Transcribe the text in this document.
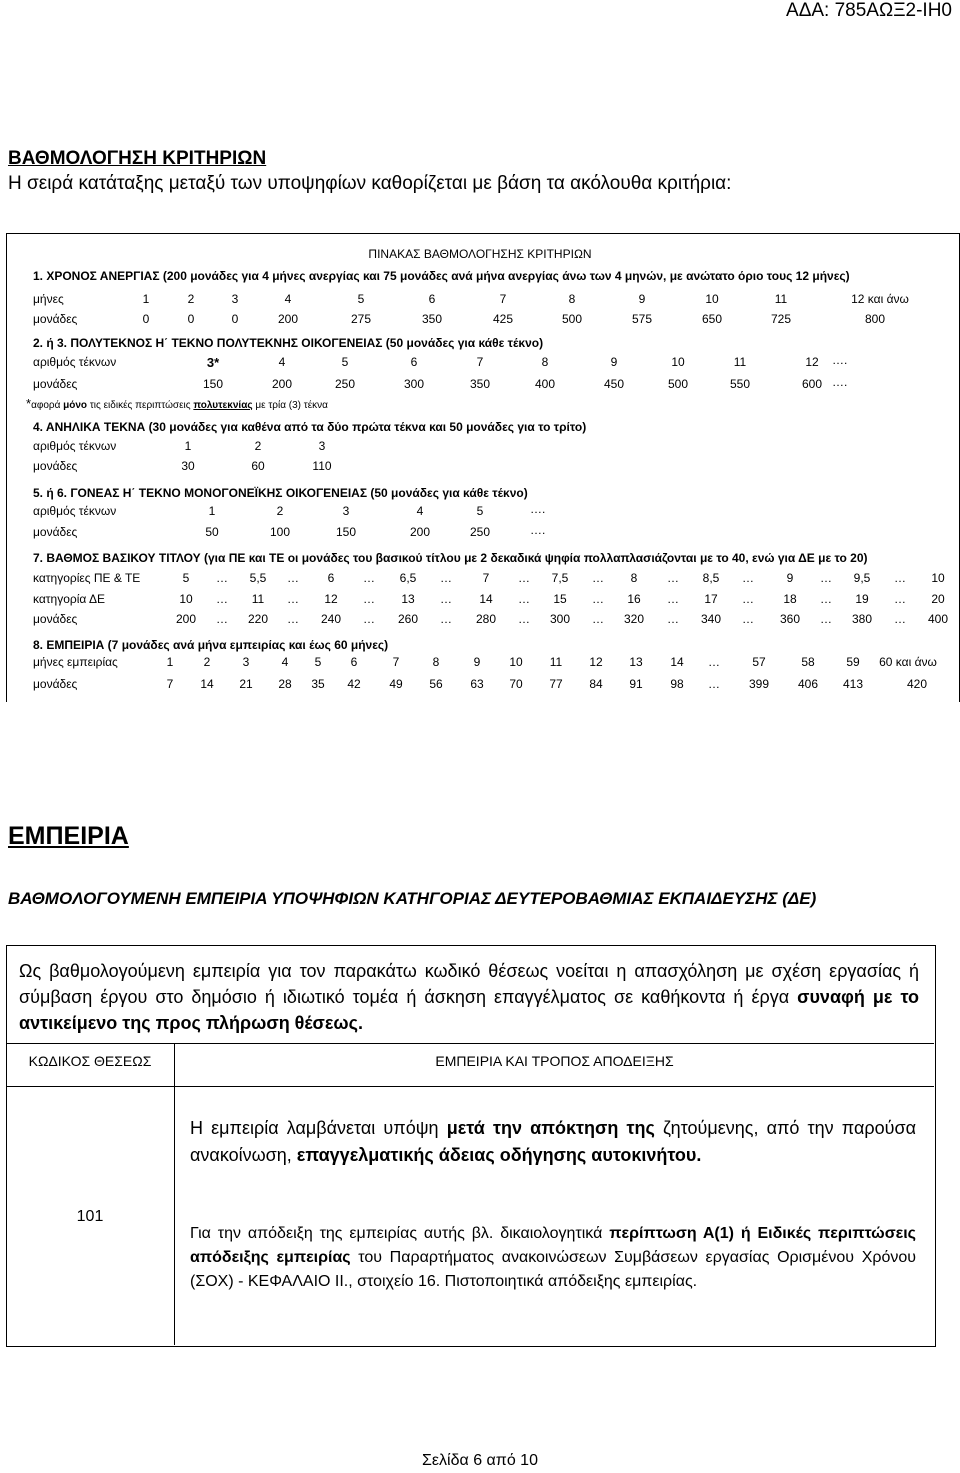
ΑΔΑ: 785ΑΩΞ2-ΙΗ0
ΒΑΘΜΟΛΟΓΗΣΗ ΚΡΙΤΗΡΙΩΝ
Η σειρά κατάταξης μεταξύ των υποψηφίων καθορίζεται με βάση τα ακόλουθα κριτήρια:
ΠΙΝΑΚΑΣ ΒΑΘΜΟΛΟΓΗΣΗΣ ΚΡΙΤΗΡΙΩΝ
1. ΧΡΟΝΟΣ ΑΝΕΡΓΙΑΣ (200 μονάδες για 4 μήνες ανεργίας και 75 μονάδες ανά μήνα ανεργίας άνω των 4 μηνών, με ανώτατο όριο τους 12 μήνες)
μήνες	1	2	3	4	5	6	7	8	9	10	11	12 και άνω
μονάδες	0	0	0	200	275	350	425	500	575	650	725	800
2. ή 3. ΠΟΛΥΤΕΚΝΟΣ Η΄ ΤΕΚΝΟ ΠΟΛΥΤΕΚΝΗΣ ΟΙΚΟΓΕΝΕΙΑΣ (50 μονάδες για κάθε τέκνο)
αριθμός τέκνων	3*	4	5	6	7	8	9	10	11	12	….
μονάδες	150	200	250	300	350	400	450	500	550	600 ….
*αφορά μόνο τις ειδικές περιπτώσεις πολυτεκνίας με τρία (3) τέκνα
4. ΑΝΗΛΙΚΑ ΤΕΚΝΑ (30 μονάδες για καθένα από τα δύο πρώτα τέκνα και 50 μονάδες για το τρίτο)
αριθμός τέκνων	1	2	3
μονάδες	30	60	110
5. ή 6. ΓΟΝΕΑΣ Η΄ ΤΕΚΝΟ ΜΟΝΟΓΟΝΕΪΚΗΣ ΟΙΚΟΓΕΝΕΙΑΣ (50 μονάδες για κάθε τέκνο)
αριθμός τέκνων	1	2	3	4	5	….
μονάδες	50	100	150	200	250	….
7. ΒΑΘΜΟΣ ΒΑΣΙΚΟΥ ΤΙΤΛΟΥ (για ΠΕ και ΤΕ οι μονάδες του βασικού τίτλου με 2 δεκαδικά ψηφία πολλαπλασιάζονται με το 40, ενώ για ΔΕ με το 20)
κατηγορίες ΠΕ & ΤΕ	5	…	5,5	…	6	…	6,5	…	7	…	7,5	…	8	…	8,5	…	9	…	9,5	…	10
κατηγορία ΔΕ	10	…	11	…	12	…	13	…	14	…	15	…	16	…	17	…	18	…	19	…	20
μονάδες	200	…	220	…	240	…	260	…	280	…	300	…	320	…	340	…	360	…	380	…	400
8. ΕΜΠΕΙΡΙΑ (7 μονάδες ανά μήνα εμπειρίας και έως 60 μήνες)
μήνες εμπειρίας	1	2	3	4	5	6	7	8	9	10	11	12	13	14	…	57	58	59	60 και άνω
μονάδες	7	14	21	28	35	42	49	56	63	70	77	84	91	98	…	399	406	413	420
ΕΜΠΕΙΡΙΑ
ΒΑΘΜΟΛΟΓΟΥΜΕΝΗ ΕΜΠΕΙΡΙΑ ΥΠΟΨΗΦΙΩΝ ΚΑΤΗΓΟΡΙΑΣ ΔΕΥΤΕΡΟΒΑΘΜΙΑΣ ΕΚΠΑΙΔΕΥΣΗΣ (ΔΕ)
Ως βαθμολογούμενη εμπειρία για τον παρακάτω κωδικό θέσεως νοείται η απασχόληση με σχέση εργασίας ή σύμβαση έργου στο δημόσιο ή ιδιωτικό τομέα ή άσκηση επαγγέλματος σε καθήκοντα ή έργα συναφή με το αντικείμενο της προς πλήρωση θέσεως.
ΚΩΔΙΚΟΣ ΘΕΣΕΩΣ	ΕΜΠΕΙΡΙΑ ΚΑΙ ΤΡΟΠΟΣ ΑΠΟΔΕΙΞΗΣ
101
Η εμπειρία λαμβάνεται υπόψη μετά την απόκτηση της ζητούμενης, από την παρούσα ανακοίνωση, επαγγελματικής άδειας οδήγησης αυτοκινήτου.
Για την απόδειξη της εμπειρίας αυτής βλ. δικαιολογητικά περίπτωση Α(1) ή Ειδικές περιπτώσεις απόδειξης εμπειρίας του Παραρτήματος ανακοινώσεων Συμβάσεων εργασίας Ορισμένου Χρόνου (ΣΟΧ) - ΚΕΦΑΛΑΙΟ ΙΙ., στοιχείο 16. Πιστοποιητικά απόδειξης εμπειρίας.
Σελίδα 6 από 10
